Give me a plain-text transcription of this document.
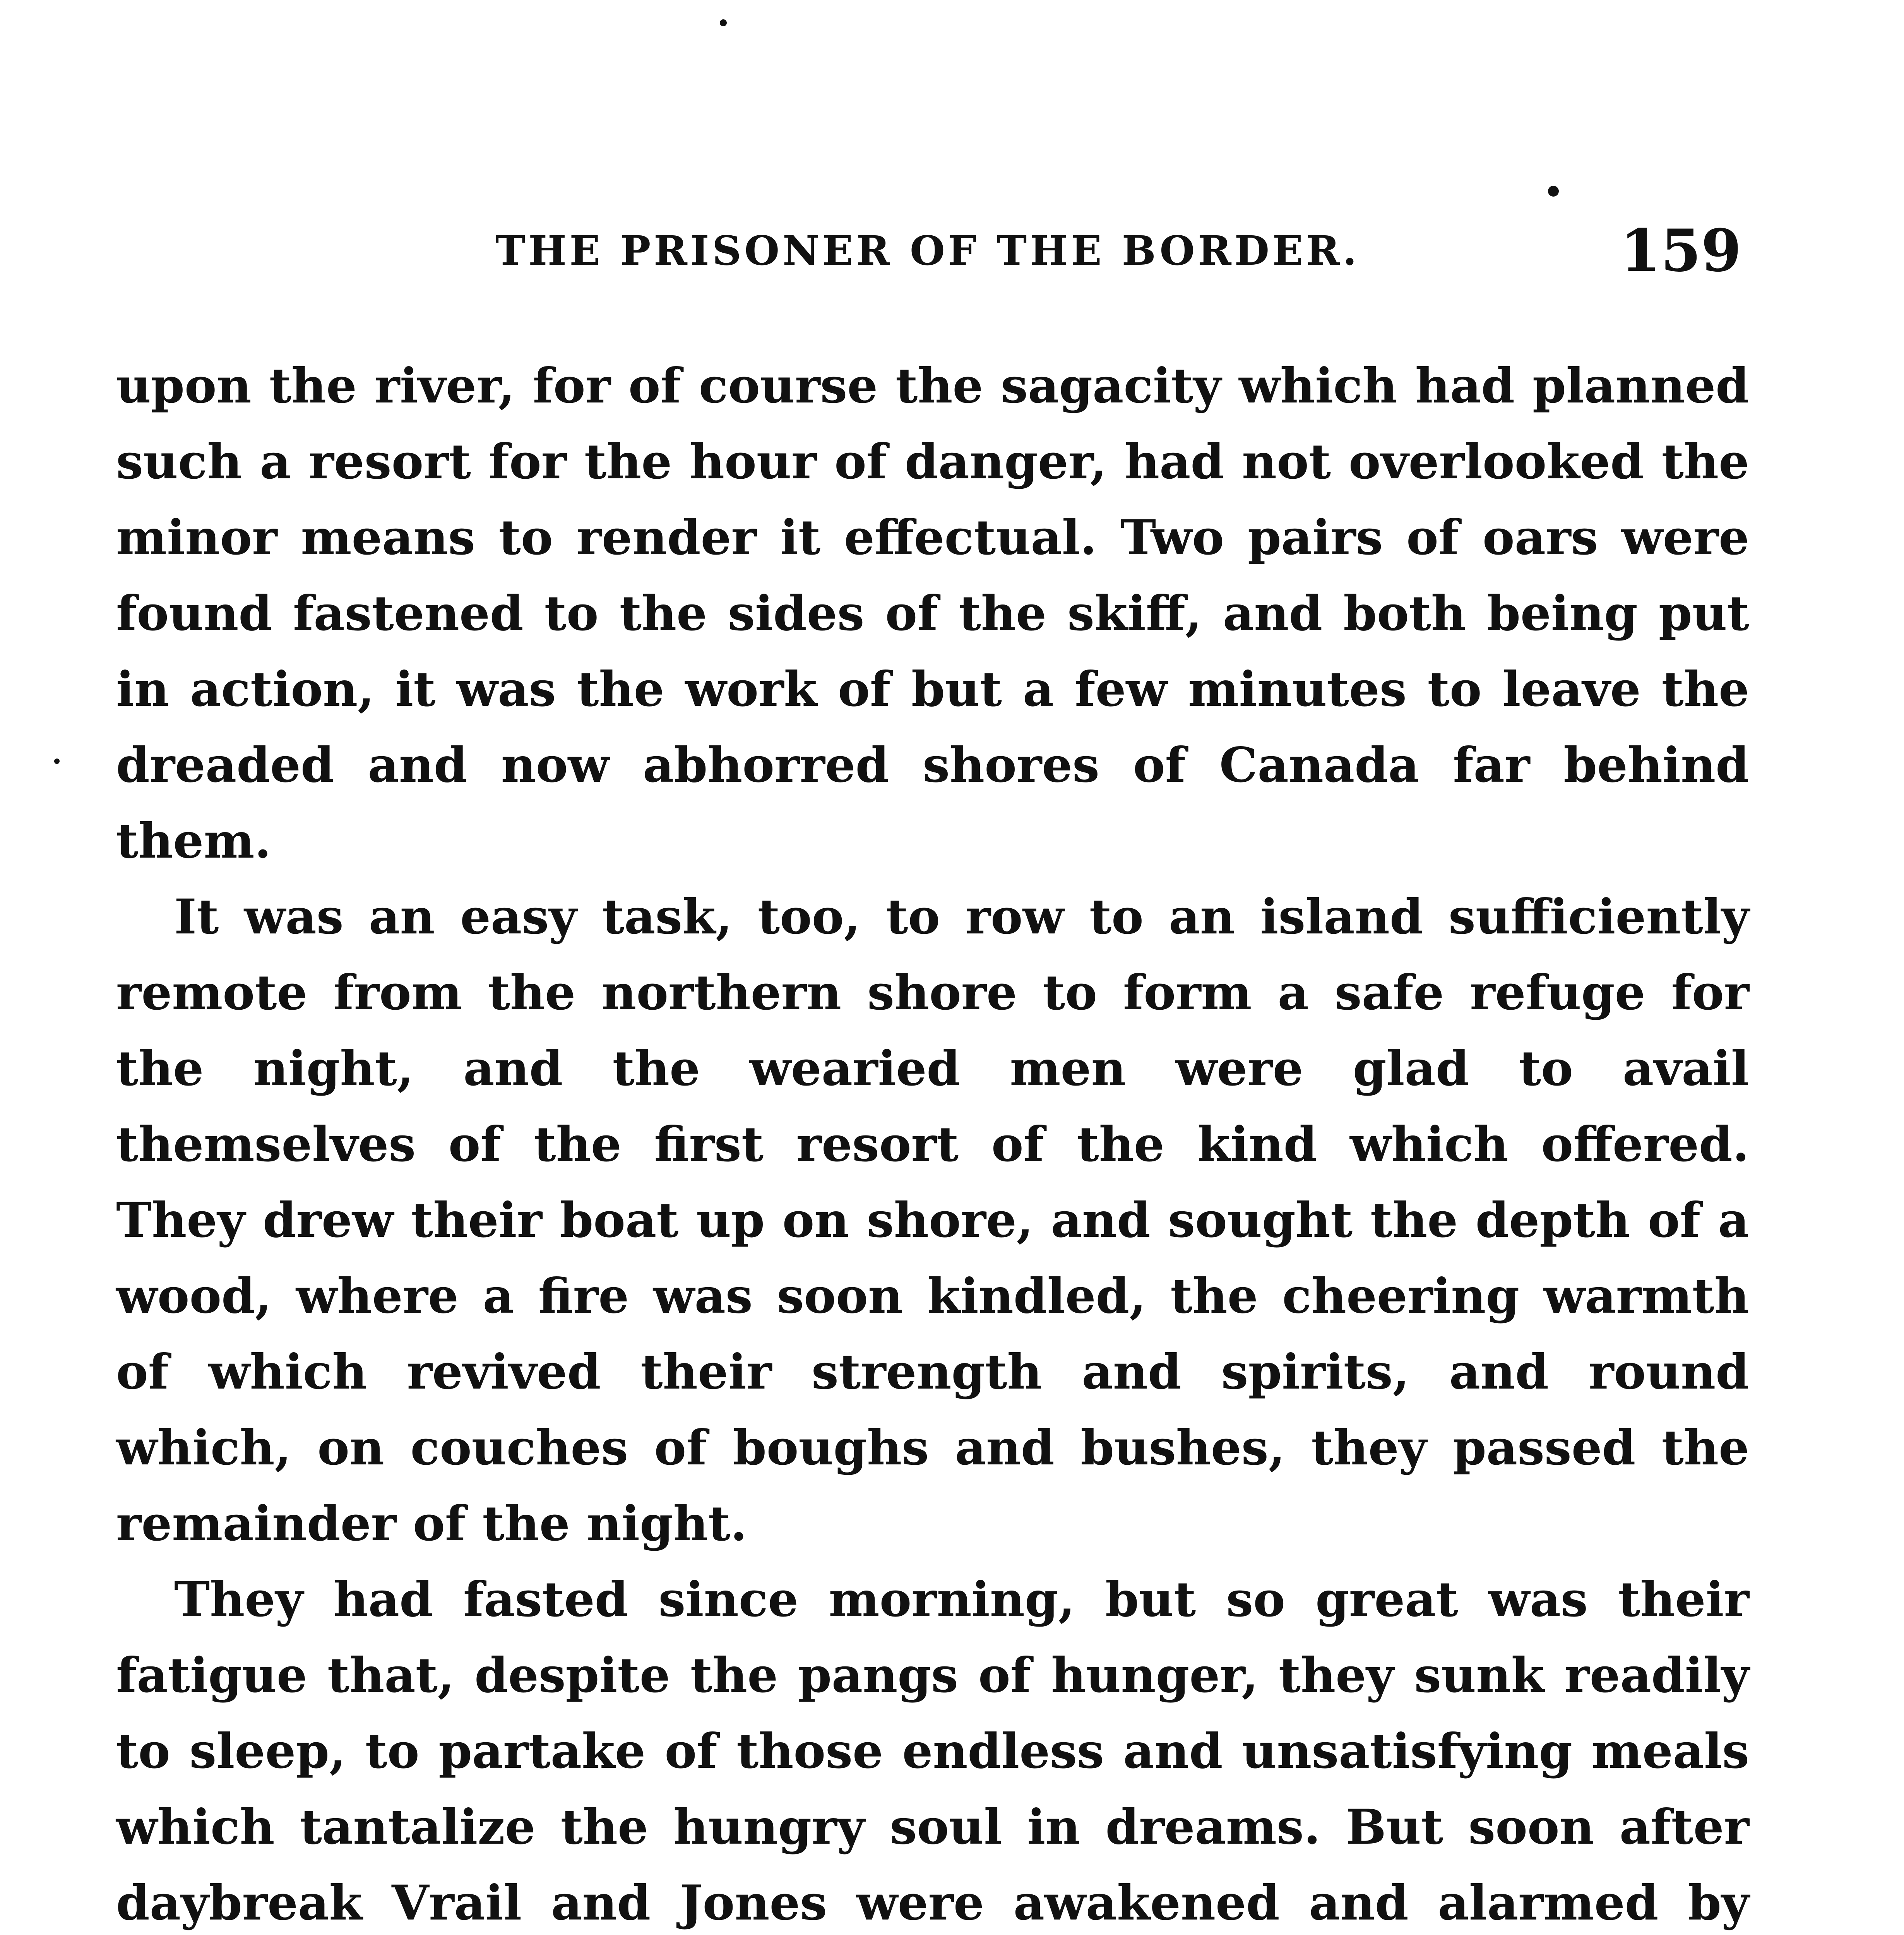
THE PRISONER OF THE BORDER.	159

upon the river, for of course the sagacity which had planned such a resort for the hour of danger, had not overlooked the minor means to render it effectual. Two pairs of oars were found fastened to the sides of the skiff, and both being put in action, it was the work of but a few minutes to leave the dreaded and now abhorred shores of Canada far behind them.

It was an easy task, too, to row to an island sufficiently remote from the northern shore to form a safe refuge for the night, and the wearied men were glad to avail themselves of the first resort of the kind which offered. They drew their boat up on shore, and sought the depth of a wood, where a fire was soon kindled, the cheering warmth of which revived their strength and spirits, and round which, on couches of boughs and bushes, they passed the remainder of the night.

They had fasted since morning, but so great was their fatigue that, despite the pangs of hunger, they sunk readily to sleep, to partake of those endless and unsatisfying meals which tantalize the hungry soul in dreams. But soon after daybreak Vrail and Jones were awakened and alarmed by
